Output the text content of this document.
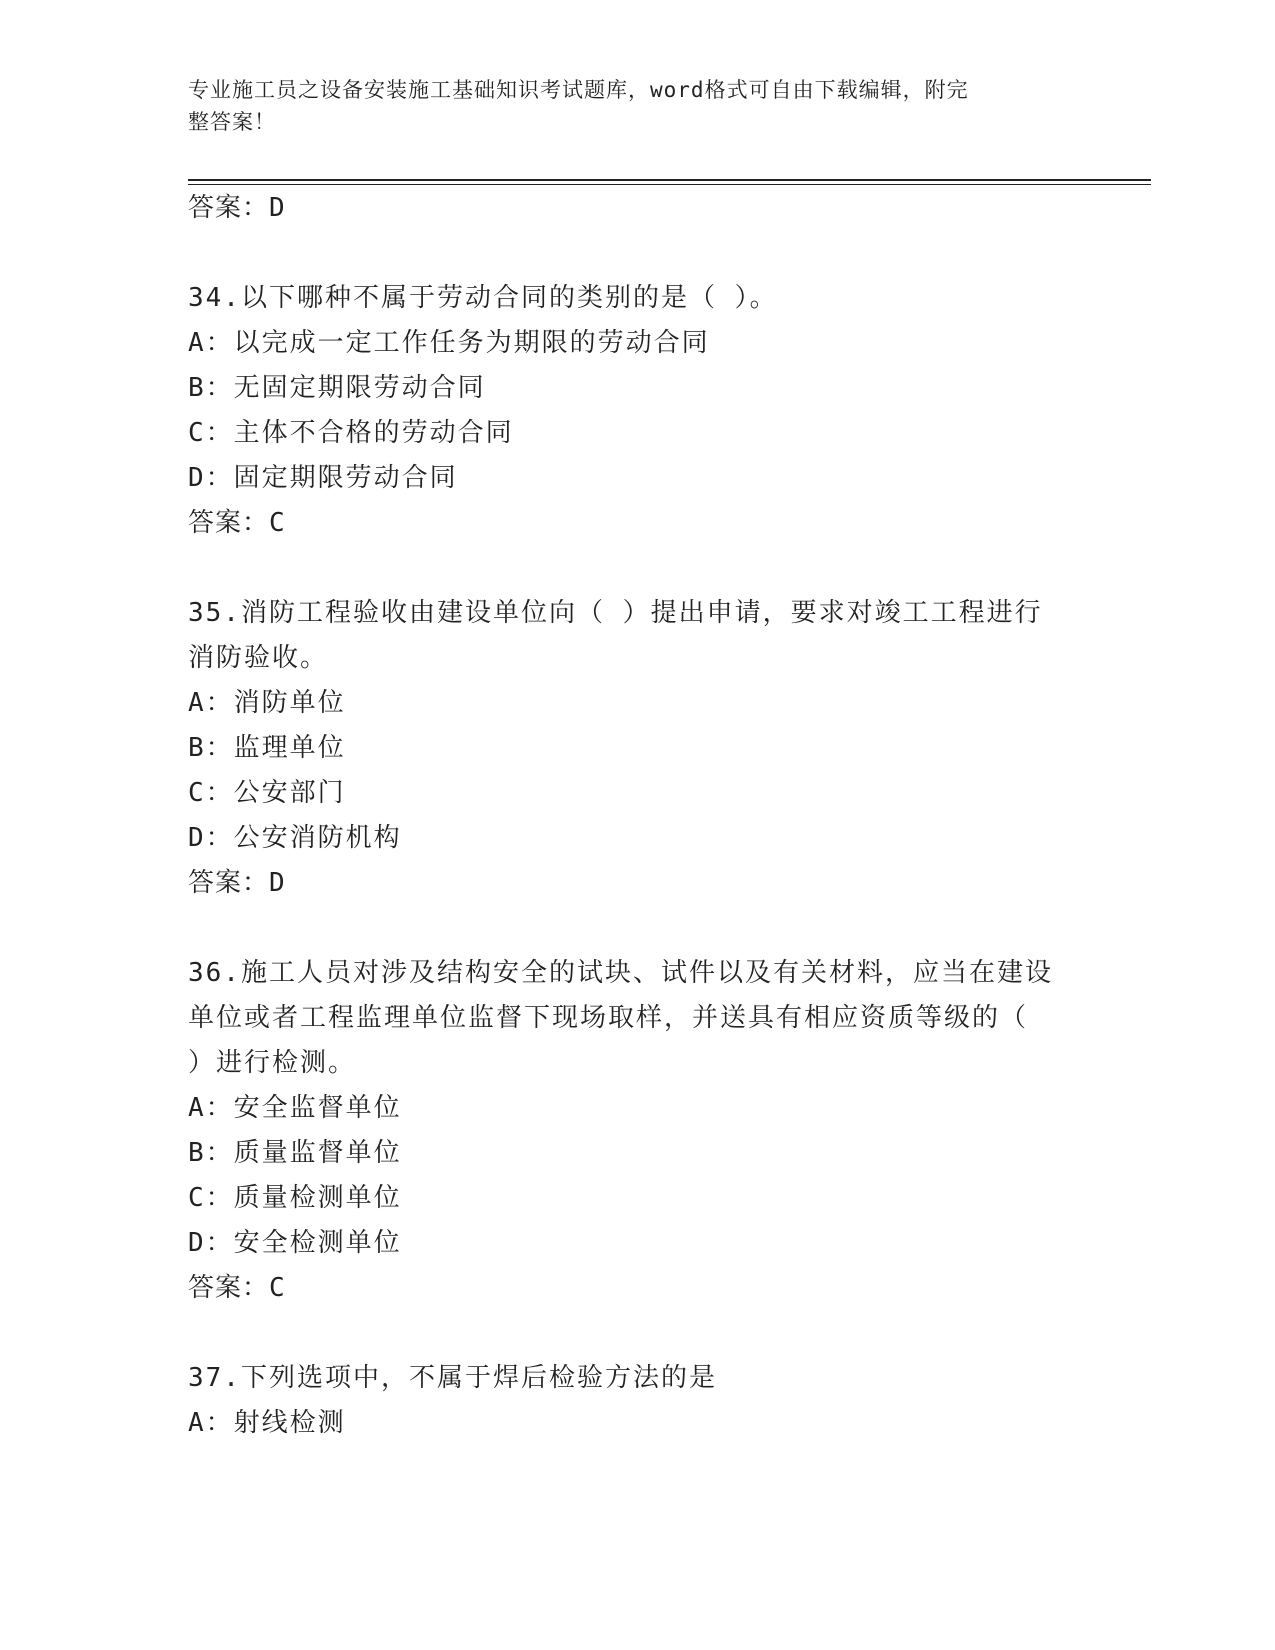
专业施工员之设备安装施工基础知识考试题库，word格式可自由下载编辑，附完
整答案！
答案：D
34.以下哪种不属于劳动合同的类别的是（ ）。
A：以完成一定工作任务为期限的劳动合同
B：无固定期限劳动合同
C：主体不合格的劳动合同
D：固定期限劳动合同
答案：C
35.消防工程验收由建设单位向（ ）提出申请，要求对竣工工程进行
消防验收。
A：消防单位
B：监理单位
C：公安部门
D：公安消防机构
答案：D
36.施工人员对涉及结构安全的试块、试件以及有关材料，应当在建设
单位或者工程监理单位监督下现场取样，并送具有相应资质等级的（
）进行检测。
A：安全监督单位
B：质量监督单位
C：质量检测单位
D：安全检测单位
答案：C
37.下列选项中，不属于焊后检验方法的是
A：射线检测
